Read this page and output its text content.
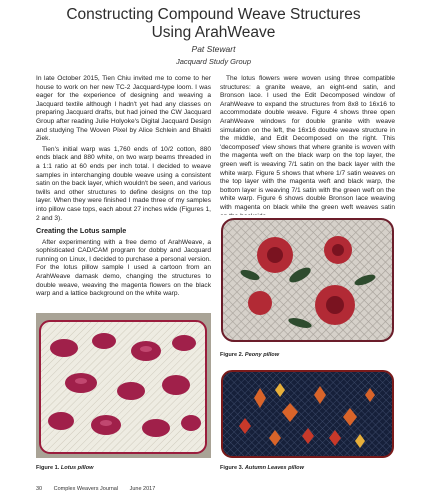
Constructing Compound Weave Structures
Using ArahWeave
Pat Stewart
Jacquard Study Group

In late October 2015, Tien Chiu invited me to come to her house to work on her new TC-2 Jacquard-type loom. I was eager for the experience of designing and weaving a Jacquard textile although I hadn't yet had any classes on preparing Jacquard drafts, but had joined the CW Jacquard Group after reading Julie Holyoke's Digital Jacquard Design and studying The Woven Pixel by Alice Schlein and Bhakti Ziek.

Tien's initial warp was 1,760 ends of 10/2 cotton, 880 ends black and 880 white, on two warp beams threaded in a 1:1 ratio at 60 ends per inch total. I decided to weave samples in interchanging double weave using a consistent satin on the back layer, which wouldn't be seen, and various twills and other structures to define designs on the top layer. When they were finished I made three of my samples into pillow case tops, each about 27 inches wide (Figures 1, 2 and 3).

Creating the Lotus sample

After experimenting with a free demo of ArahWeave, a sophisticated CAD/CAM program for dobby and Jacquard running on Linux, I decided to purchase a personal version. For the lotus pillow sample I used a cartoon from an ArahWeave damask demo, changing the structures to double weave, weaving the magenta flowers on the black warp and a lattice background on the white warp.

The lotus flowers were woven using three compatible structures: a granite weave, an eight-end satin, and Bronson lace. I used the Edit Decomposed window of ArahWeave to expand the structures from 8x8 to 16x16 to accommodate double weave. Figure 4 shows three open ArahWeave windows for double granite with weave simulation on the left, the 16x16 double weave structure in the middle, and Edit Decomposed on the right. This 'decomposed' view shows that where granite is woven with the magenta weft on the black warp on the top layer, the green weft is weaving 7/1 satin on the back layer with the white warp. Figure 5 shows that where 1/7 satin weaves on the top layer with the magenta weft and black warp, the bottom layer is weaving 7/1 satin with the green weft on the white warp. Figure 6 shows double Bronson lace weaving with magenta on black while the green weft weaves satin

Figure 1. Lotus pillow
Figure 2. Peony pillow
Figure 3. Autumn Leaves pillow
30 Complex Weavers Journal June 2017
